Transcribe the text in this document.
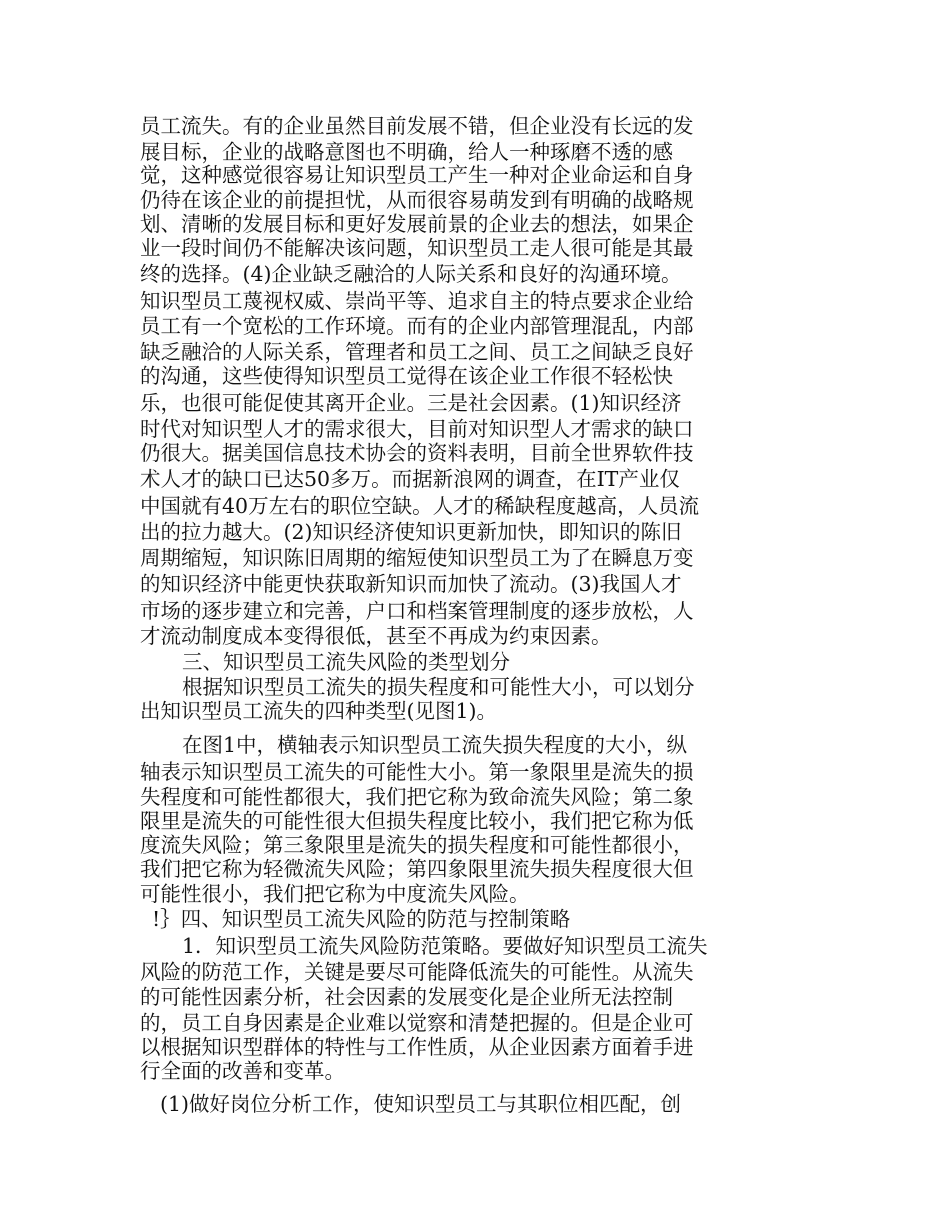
员工流失。有的企业虽然目前发展不错，但企业没有长远的发
展目标，企业的战略意图也不明确，给人一种琢磨不透的感
觉，这种感觉很容易让知识型员工产生一种对企业命运和自身
仍待在该企业的前提担忧，从而很容易萌发到有明确的战略规
划、清晰的发展目标和更好发展前景的企业去的想法，如果企
业一段时间仍不能解决该问题，知识型员工走人很可能是其最
终的选择。(4)企业缺乏融洽的人际关系和良好的沟通环境。
知识型员工蔑视权威、崇尚平等、追求自主的特点要求企业给
员工有一个宽松的工作环境。而有的企业内部管理混乱，内部
缺乏融洽的人际关系，管理者和员工之间、员工之间缺乏良好
的沟通，这些使得知识型员工觉得在该企业工作很不轻松快
乐，也很可能促使其离开企业。三是社会因素。(1)知识经济
时代对知识型人才的需求很大，目前对知识型人才需求的缺口
仍很大。据美国信息技术协会的资料表明，目前全世界软件技
术人才的缺口已达50多万。而据新浪网的调查，在IT产业仅
中国就有40万左右的职位空缺。人才的稀缺程度越高，人员流
出的拉力越大。(2)知识经济使知识更新加快，即知识的陈旧
周期缩短，知识陈旧周期的缩短使知识型员工为了在瞬息万变
的知识经济中能更快获取新知识而加快了流动。(3)我国人才
市场的逐步建立和完善，户口和档案管理制度的逐步放松，人
才流动制度成本变得很低，甚至不再成为约束因素。
三、知识型员工流失风险的类型划分
根据知识型员工流失的损失程度和可能性大小，可以划分
出知识型员工流失的四种类型(见图1)。
在图1中，横轴表示知识型员工流失损失程度的大小，纵
轴表示知识型员工流失的可能性大小。第一象限里是流失的损
失程度和可能性都很大，我们把它称为致命流失风险；第二象
限里是流失的可能性很大但损失程度比较小，我们把它称为低
度流失风险；第三象限里是流失的损失程度和可能性都很小，
我们把它称为轻微流失风险；第四象限里流失损失程度很大但
可能性很小，我们把它称为中度流失风险。
!｝四、知识型员工流失风险的防范与控制策略
1．知识型员工流失风险防范策略。要做好知识型员工流失
风险的防范工作，关键是要尽可能降低流失的可能性。从流失
的可能性因素分析，社会因素的发展变化是企业所无法控制
的，员工自身因素是企业难以觉察和清楚把握的。但是企业可
以根据知识型群体的特性与工作性质，从企业因素方面着手进
行全面的改善和变革。
(1)做好岗位分析工作，使知识型员工与其职位相匹配，创
